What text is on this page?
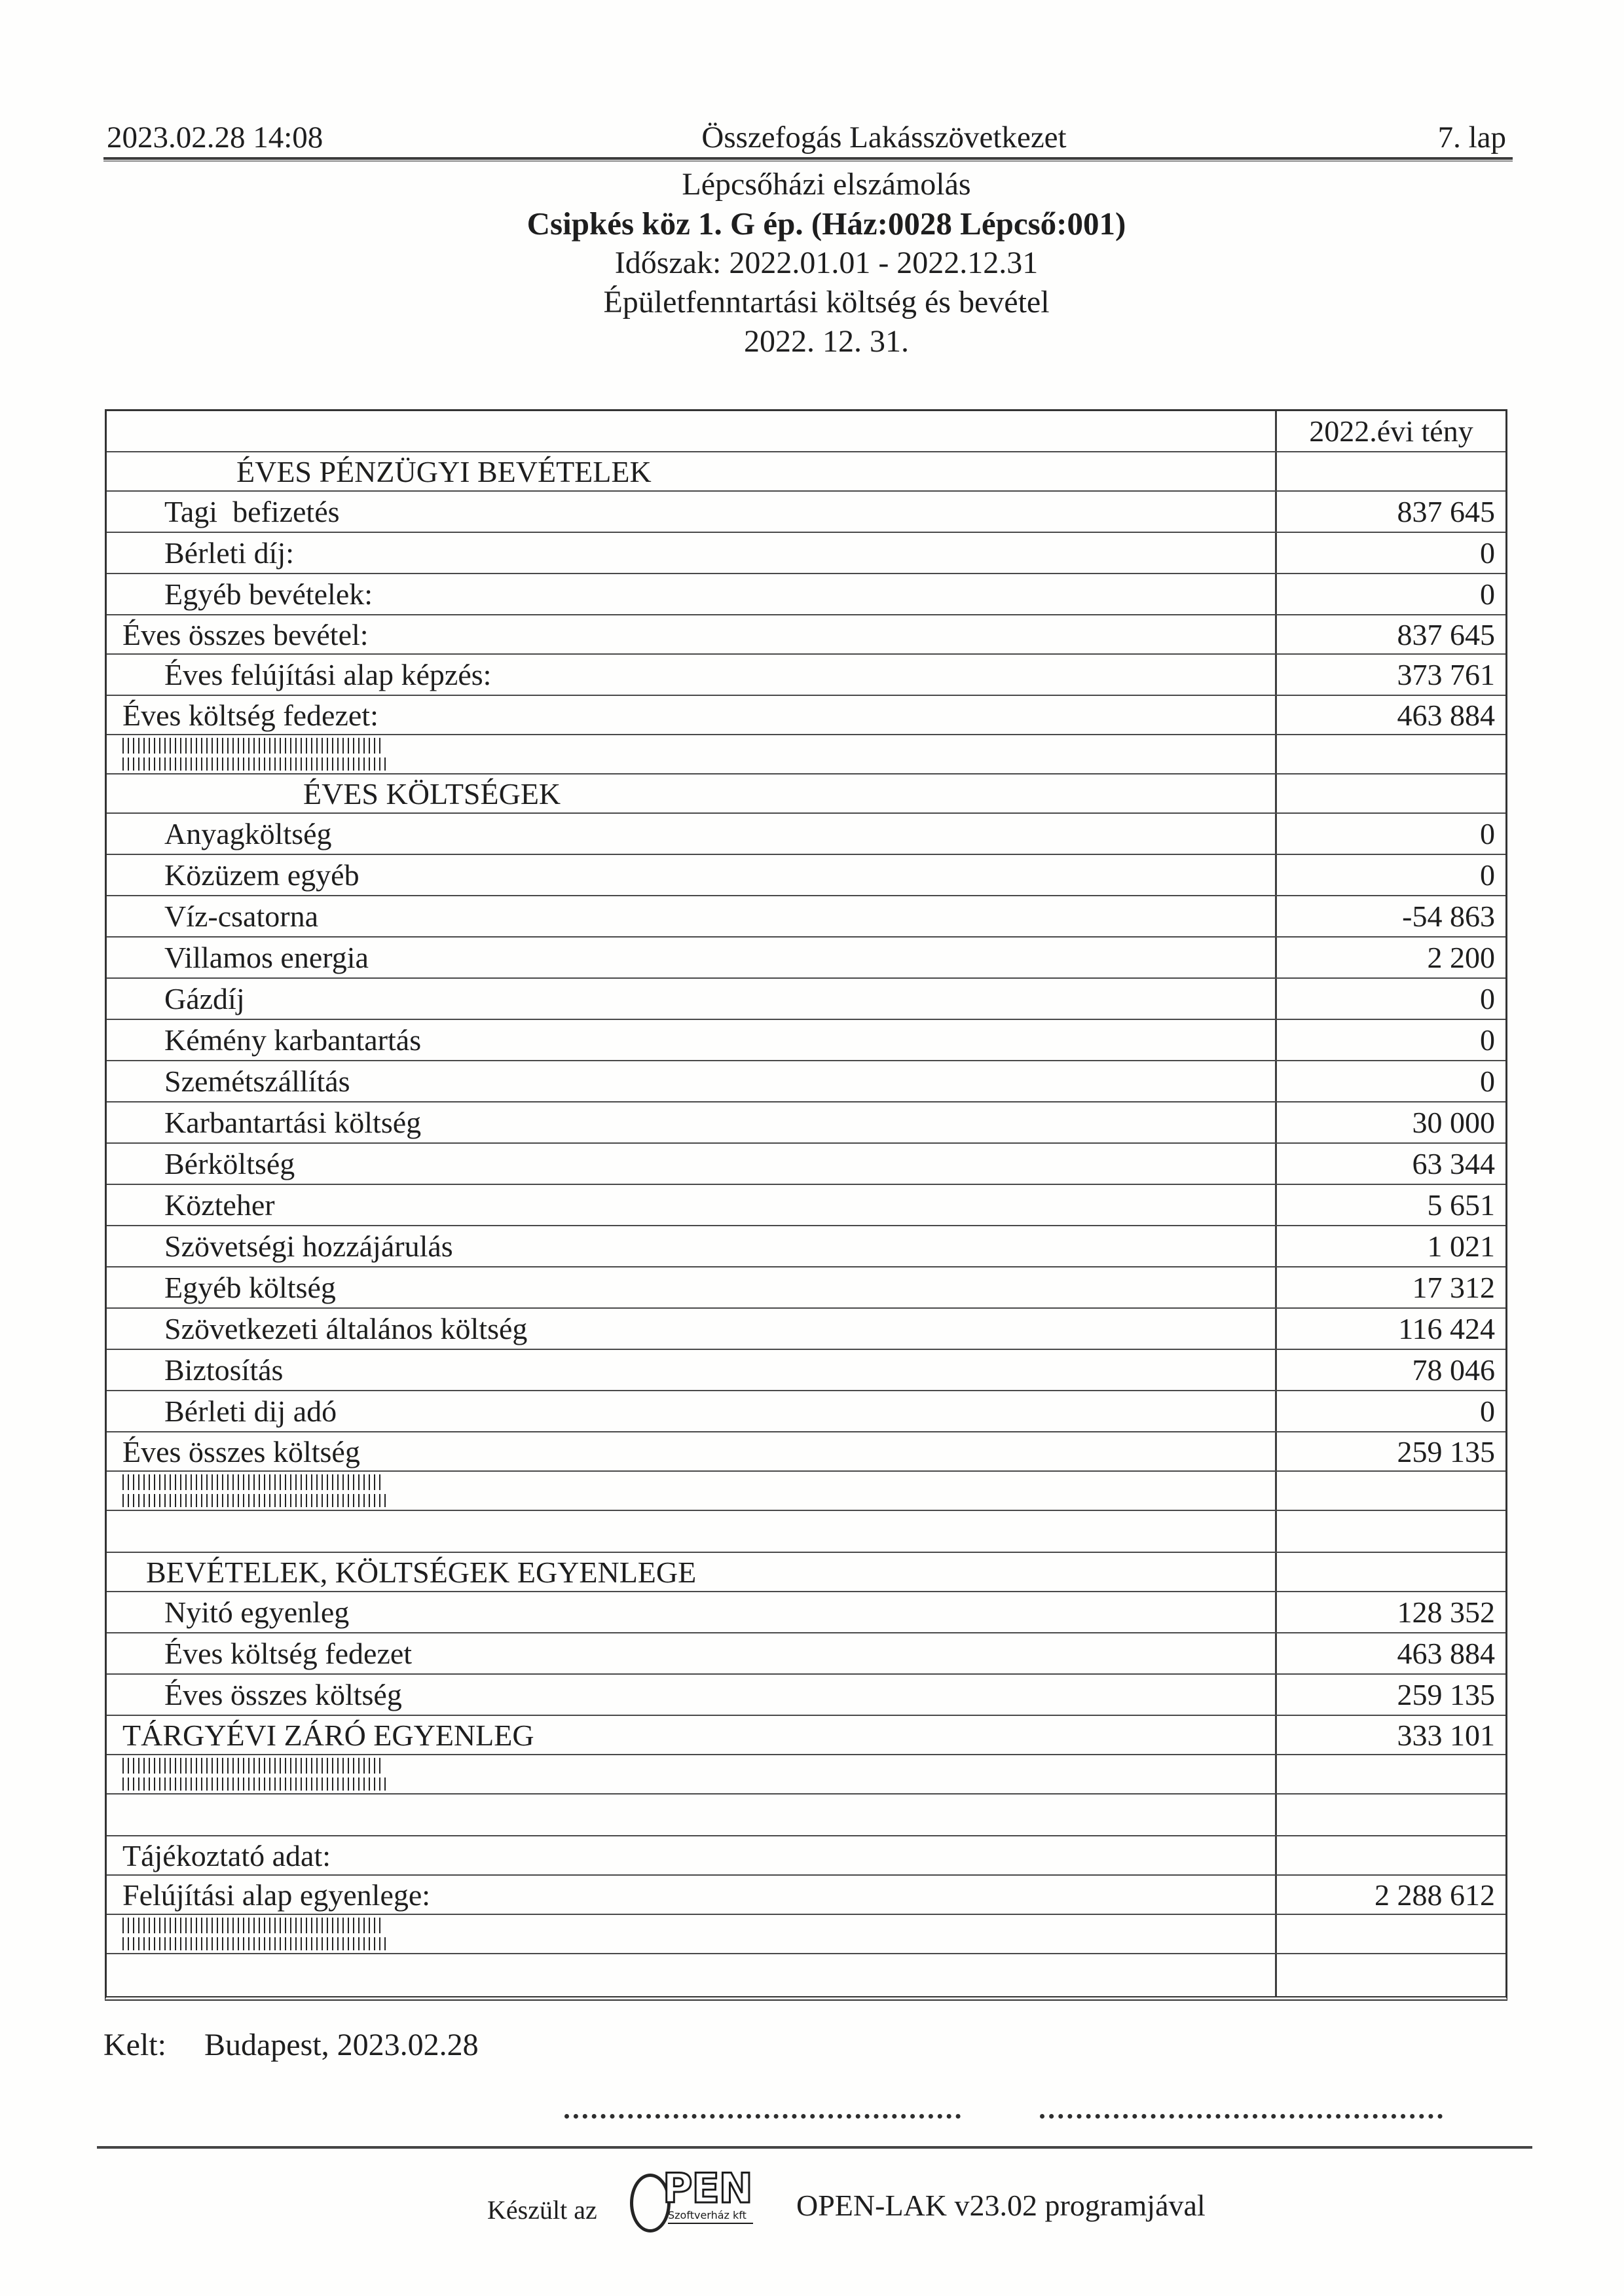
2023.02.28 14:08	Összefogás Lakásszövetkezet	7. lap
Lépcsőházi elszámolás
Csipkés köz 1. G ép. (Ház:0028 Lépcső:001)
Időszak: 2022.01.01 - 2022.12.31
Épületfenntartási költség és bevétel
2022. 12. 31.
2022.évi tény
ÉVES PÉNZÜGYI BEVÉTELEK
Tagi  befizetés	837 645
Bérleti díj:	0
Egyéb bevételek:	0
Éves összes bevétel:	837 645
Éves felújítási alap képzés:	373 761
Éves költség fedezet:	463 884
ÉVES KÖLTSÉGEK
Anyagköltség	0
Közüzem egyéb	0
Víz-csatorna	-54 863
Villamos energia	2 200
Gázdíj	0
Kémény karbantartás	0
Szemétszállítás	0
Karbantartási költség	30 000
Bérköltség	63 344
Közteher	5 651
Szövetségi hozzájárulás	1 021
Egyéb költség	17 312
Szövetkezeti általános költség	116 424
Biztosítás	78 046
Bérleti dij adó	0
Éves összes költség	259 135
BEVÉTELEK, KÖLTSÉGEK EGYENLEGE
Nyitó egyenleg	128 352
Éves költség fedezet	463 884
Éves összes költség	259 135
TÁRGYÉVI ZÁRÓ EGYENLEG	333 101
Tájékoztató adat:
Felújítási alap egyenlege:	2 288 612
Kelt: Budapest, 2023.02.28
Készült az PEN
Szoftverház kft OPEN-LAK v23.02 programjával
